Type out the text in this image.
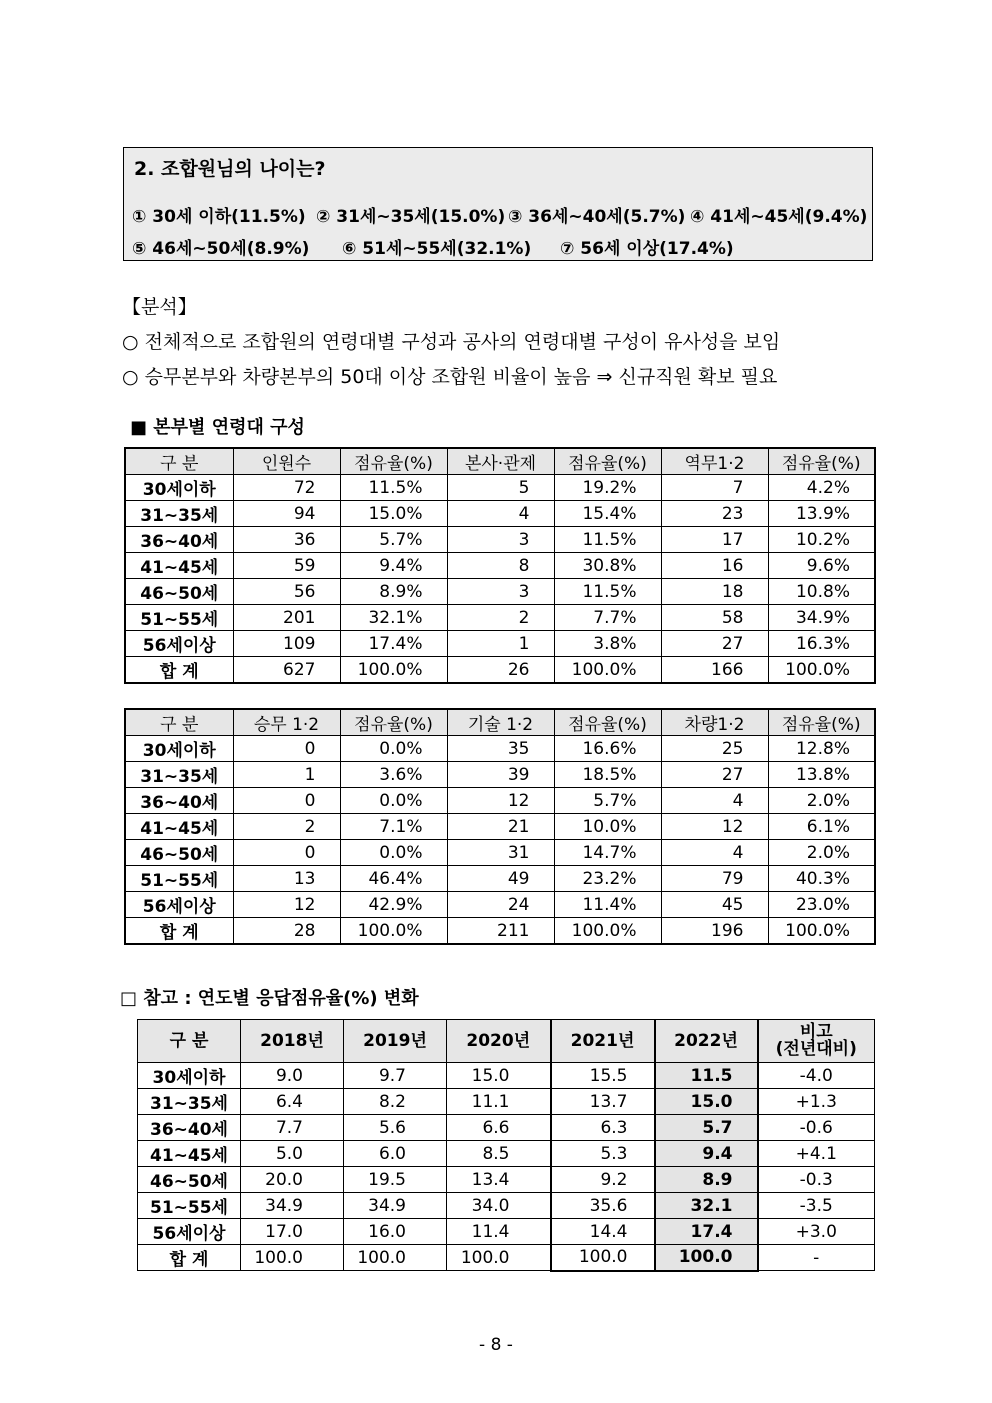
2. 조합원님의 나이는?
① 30세 이하(11.5%) ② 31세~35세(15.0%) ③ 36세~40세(5.7%) ④ 41세~45세(9.4%)
⑤ 46세~50세(8.9%) ⑥ 51세~55세(32.1%) ⑦ 56세 이상(17.4%)
【분석】
○ 전체적으로 조합원의 연령대별 구성과 공사의 연령대별 구성이 유사성을 보임
○ 승무본부와 차량본부의 50대 이상 조합원 비율이 높음 ⇒ 신규직원 확보 필요
■ 본부별 연령대 구성
구 분	인원수	점유율(%)	본사·관제	점유율(%)	역무1·2	점유율(%)
30세이하	72	11.5%	5	19.2%	7	4.2%
31~35세	94	15.0%	4	15.4%	23	13.9%
36~40세	36	5.7%	3	11.5%	17	10.2%
41~45세	59	9.4%	8	30.8%	16	9.6%
46~50세	56	8.9%	3	11.5%	18	10.8%
51~55세	201	32.1%	2	7.7%	58	34.9%
56세이상	109	17.4%	1	3.8%	27	16.3%
합 계	627	100.0%	26	100.0%	166	100.0%
구 분	승무 1·2	점유율(%)	기술 1·2	점유율(%)	차량1·2	점유율(%)
30세이하	0	0.0%	35	16.6%	25	12.8%
31~35세	1	3.6%	39	18.5%	27	13.8%
36~40세	0	0.0%	12	5.7%	4	2.0%
41~45세	2	7.1%	21	10.0%	12	6.1%
46~50세	0	0.0%	31	14.7%	4	2.0%
51~55세	13	46.4%	49	23.2%	79	40.3%
56세이상	12	42.9%	24	11.4%	45	23.0%
합 계	28	100.0%	211	100.0%	196	100.0%
□ 참고 : 연도별 응답점유율(%) 변화
구 분	2018년	2019년	2020년	2021년	2022년	비고
(전년대비)

30세이하	9.0	9.7	15.0	15.5	11.5	-4.0
31~35세	6.4	8.2	11.1	13.7	15.0	+1.3
36~40세	7.7	5.6	6.6	6.3	5.7	-0.6
41~45세	5.0	6.0	8.5	5.3	9.4	+4.1
46~50세	20.0	19.5	13.4	9.2	8.9	-0.3
51~55세	34.9	34.9	34.0	35.6	32.1	-3.5
56세이상	17.0	16.0	11.4	14.4	17.4	+3.0
합 계	100.0	100.0	100.0	100.0	100.0	-
- 8 -
